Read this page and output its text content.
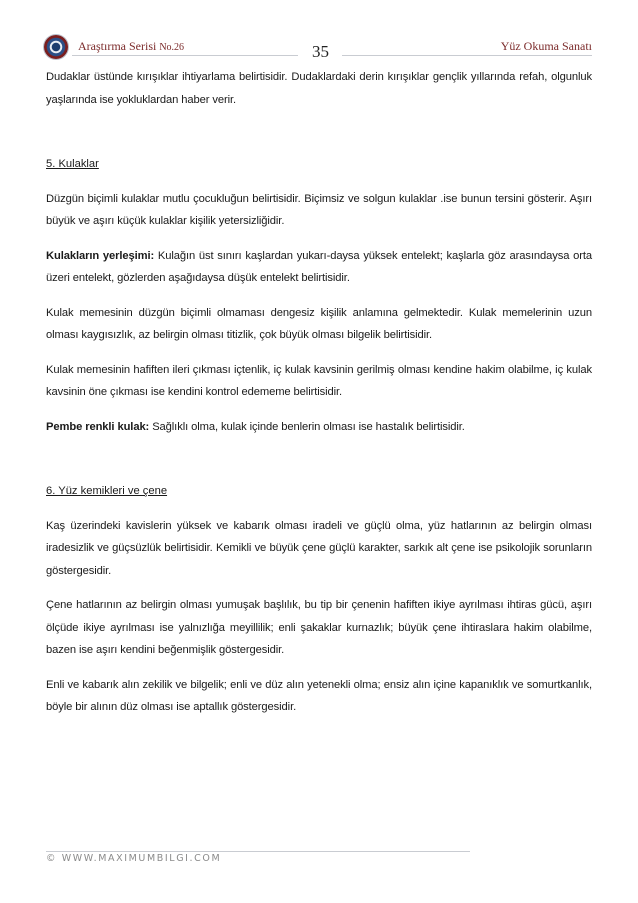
Araştırma Serisi No.26	35	Yüz Okuma Sanatı

Dudaklar üstünde kırışıklar ihtiyarlama belirtisidir. Dudaklardaki derin kırışıklar gençlik yıllarında refah, olgunluk yaşlarında ise yokluklardan haber verir.

5. Kulaklar

Düzgün biçimli kulaklar mutlu çocukluğun belirtisidir. Biçimsiz ve solgun kulaklar .ise bunun tersini gösterir. Aşırı büyük ve aşırı küçük kulaklar kişilik yetersizliğidir.

Kulakların yerleşimi: Kulağın üst sınırı kaşlardan yukarı-daysa yüksek entelekt; kaşlarla göz arasındaysa orta üzeri entelekt, gözlerden aşağıdaysa düşük entelekt belirtisidir.

Kulak memesinin düzgün biçimli olmaması dengesiz kişilik anlamına gelmektedir. Kulak memelerinin uzun olması kaygısızlık, az belirgin olması titizlik, çok büyük olması bilgelik belirtisidir.

Kulak memesinin hafiften ileri çıkması içtenlik, iç kulak kavsinin gerilmiş olması kendine hakim olabilme, iç kulak kavsinin öne çıkması ise kendini kontrol edememe belirtisidir.

Pembe renkli kulak: Sağlıklı olma, kulak içinde benlerin olması ise hastalık belirtisidir.

6. Yüz kemikleri ve çene

Kaş üzerindeki kavislerin yüksek ve kabarık olması iradeli ve güçlü olma, yüz hatlarının az belirgin olması iradesizlik ve güçsüzlük belirtisidir. Kemikli ve büyük çene güçlü karakter, sarkık alt çene ise psikolojik sorunların göstergesidir.

Çene hatlarının az belirgin olması yumuşak başlılık, bu tip bir çenenin hafiften ikiye ayrılması ihtiras gücü, aşırı ölçüde ikiye ayrılması ise yalnızlığa meyillilik; enli şakaklar kurnazlık; büyük çene ihtiraslara hakim olabilme, bazen ise aşırı kendini beğenmişlik göstergesidir.

Enli ve kabarık alın zekilik ve bilgelik; enli ve düz alın yetenekli olma; ensiz alın içine kapanıklık ve somurtkanlık, böyle bir alının düz olması ise aptallık göstergesidir.

© WWW.MAXIMUMBILGI.COM
